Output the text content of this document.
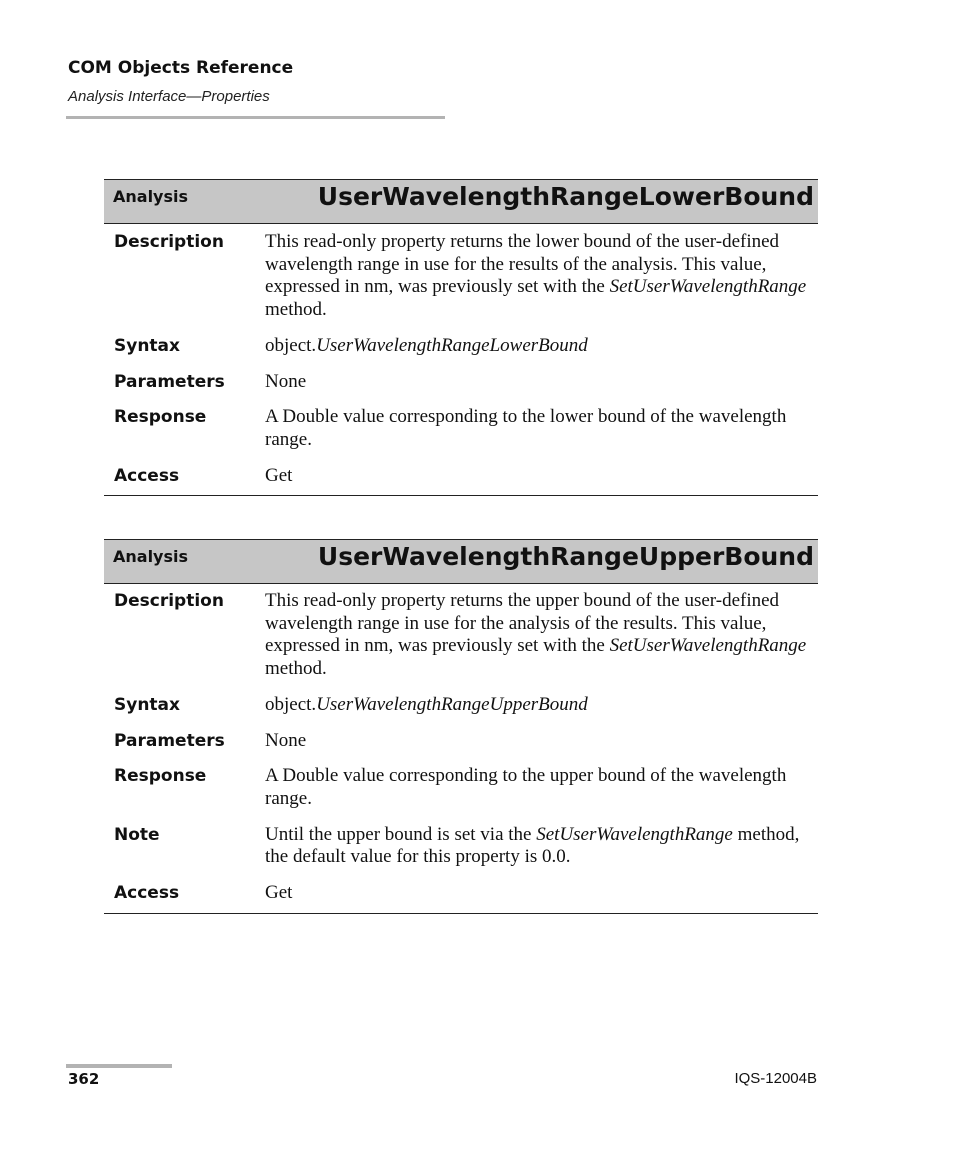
COM Objects Reference
Analysis Interface—Properties
Analysis	UserWavelengthRangeLowerBound
Description	This read-only property returns the lower bound of the user-defined wavelength range in use for the results of the analysis. This value, expressed in nm, was previously set with the SetUserWavelengthRange method.
Syntax	object.UserWavelengthRangeLowerBound
Parameters	None
Response	A Double value corresponding to the lower bound of the wavelength range.
Access	Get
Analysis	UserWavelengthRangeUpperBound
Description	This read-only property returns the upper bound of the user-defined wavelength range in use for the analysis of the results. This value, expressed in nm, was previously set with the SetUserWavelengthRange method.
Syntax	object.UserWavelengthRangeUpperBound
Parameters	None
Response	A Double value corresponding to the upper bound of the wavelength range.
Note	Until the upper bound is set via the SetUserWavelengthRange method, the default value for this property is 0.0.
Access	Get
362	IQS-12004B
